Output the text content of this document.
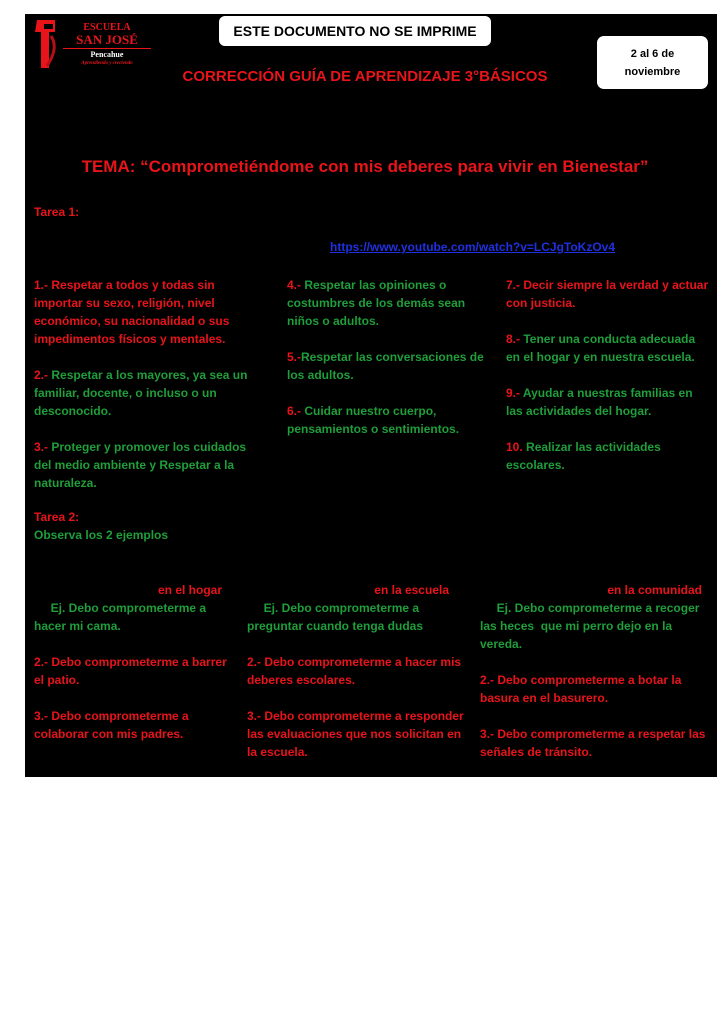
ESCUELA
SAN JOSÉ
Pencahue
Aprendiendo y creciendo
ESTE DOCUMENTO NO SE IMPRIME
2 al 6 de
noviembre
CORRECCIÓN GUÍA DE APRENDIZAJE 3°BÁSICOS
TEMA: “Comprometiéndome con mis deberes para vivir en Bienestar”
Tarea 1:
https://www.youtube.com/watch?v=LCJgToKzOv4

1.- Respetar a todos y todas sin importar su sexo, religión, nivel económico, su nacionalidad o sus impedimentos físicos y mentales.

2.- Respetar a los mayores, ya sea un familiar, docente, o incluso o un desconocido.

3.- Proteger y promover los cuidados del medio ambiente y Respetar a la naturaleza.

4.- Respetar las opiniones o costumbres de los demás sean niños o adultos.

5.-Respetar las conversaciones de los adultos.

6.- Cuidar nuestro cuerpo, pensamientos o sentimientos.

7.- Decir siempre la verdad y actuar con justicia.

8.- Tener una conducta adecuada en el hogar y en nuestra escuela.

9.- Ayudar a nuestras familias en las actividades del hogar.

10. Realizar las actividades escolares.

Tarea 2:
Observa los 2 ejemplos
en el hogar

Ej. Debo comprometerme a hacer mi cama.

2.- Debo comprometerme a barrer el patio.

3.- Debo comprometerme a colaborar con mis padres.

en la escuela

Ej. Debo comprometerme a preguntar cuando tenga dudas

2.- Debo comprometerme a hacer mis deberes escolares.

3.- Debo comprometerme a responder las evaluaciones que nos solicitan en la escuela.

en la comunidad

Ej. Debo comprometerme a recoger las heces  que mi perro dejo en la vereda.

2.- Debo comprometerme a botar la basura en el basurero.

3.- Debo comprometerme a respetar las señales de tránsito.
